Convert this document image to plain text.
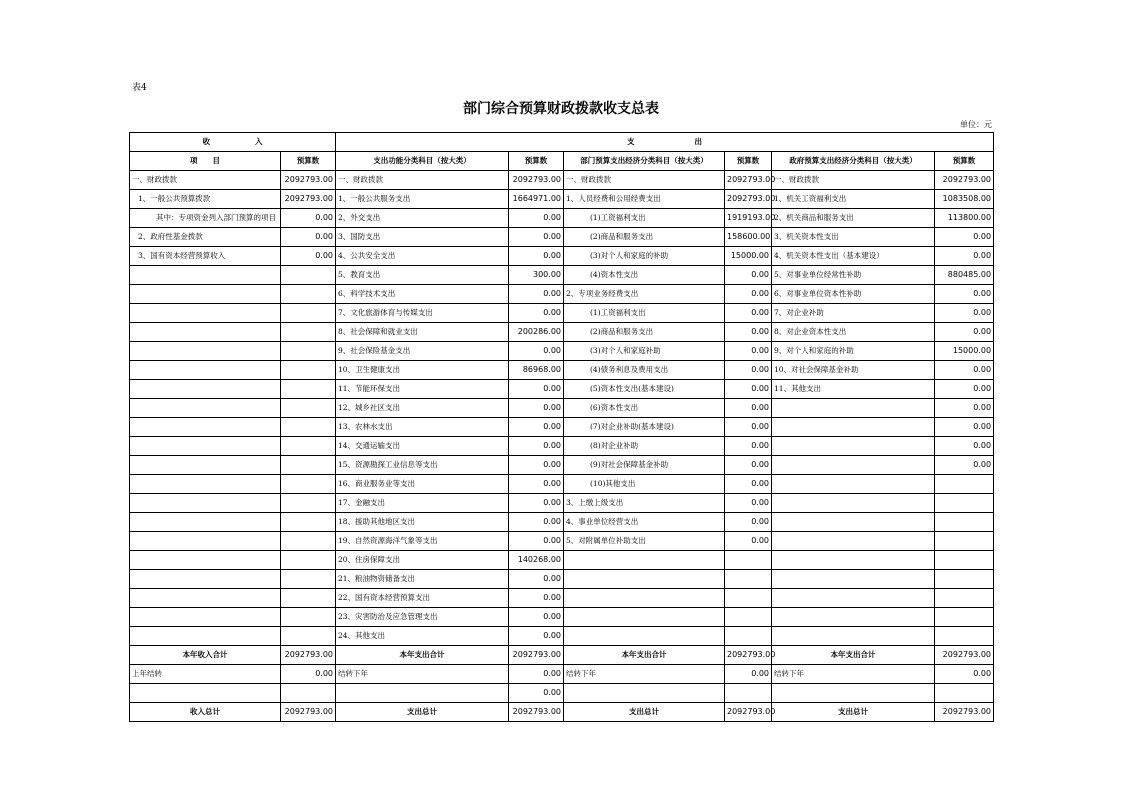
表4
部门综合预算财政拨款收支总表
单位：元
收　　　　　　入		支　　　　　　　　出					
项　　目	预算数	支出功能分类科目（按大类）	预算数	部门预算支出经济分类科目（按大类）	预算数	政府预算支出经济分类科目（按大类）	预算数
一、财政拨款	2092793.00	一、财政拨款	2092793.00	一、财政拨款	2092793.00	一、财政拨款	2092793.00
1、一般公共预算拨款	2092793.00	1、一般公共服务支出	1664971.00	1、人员经费和公用经费支出	2092793.00	1、机关工资福利支出	1083508.00
其中：专项资金列入部门预算的项目	0.00	2、外交支出	0.00	(1)工资福利支出	1919193.00	2、机关商品和服务支出	113800.00
2、政府性基金拨款	0.00	3、国防支出	0.00	(2)商品和服务支出	158600.00	3、机关资本性支出	0.00
3、国有资本经营预算收入	0.00	4、公共安全支出	0.00	(3)对个人和家庭的补助	15000.00	4、机关资本性支出（基本建设）	0.00
		5、教育支出	300.00	(4)资本性支出	0.00	5、对事业单位经常性补助	880485.00
		6、科学技术支出	0.00	2、专项业务经费支出	0.00	6、对事业单位资本性补助	0.00
		7、文化旅游体育与传媒支出	0.00	(1)工资福利支出	0.00	7、对企业补助	0.00
		8、社会保障和就业支出	200286.00	(2)商品和服务支出	0.00	8、对企业资本性支出	0.00
		9、社会保险基金支出	0.00	(3)对个人和家庭补助	0.00	9、对个人和家庭的补助	15000.00
		10、卫生健康支出	86968.00	(4)债务利息及费用支出	0.00	10、对社会保障基金补助	0.00
		11、节能环保支出	0.00	(5)资本性支出(基本建设)	0.00	11、其他支出	0.00
		12、城乡社区支出	0.00	(6)资本性支出	0.00		0.00
		13、农林水支出	0.00	(7)对企业补助(基本建设)	0.00		0.00
		14、交通运输支出	0.00	(8)对企业补助	0.00		0.00
		15、资源勘探工业信息等支出	0.00	(9)对社会保障基金补助	0.00		0.00
		16、商业服务业等支出	0.00	(10)其他支出	0.00		
		17、金融支出	0.00	3、上缴上级支出	0.00		
		18、援助其他地区支出	0.00	4、事业单位经营支出	0.00		
		19、自然资源海洋气象等支出	0.00	5、对附属单位补助支出	0.00		
		20、住房保障支出	140268.00				
		21、粮油物资储备支出	0.00				
		22、国有资本经营预算支出	0.00				
		23、灾害防治及应急管理支出	0.00				
		24、其他支出	0.00				
本年收入合计	2092793.00	本年支出合计	2092793.00	本年支出合计	2092793.00	本年支出合计	2092793.00
上年结转	0.00	结转下年	0.00	结转下年	0.00	结转下年	0.00
			0.00				
收入总计	2092793.00	支出总计	2092793.00	支出总计	2092793.00	支出总计	2092793.00
